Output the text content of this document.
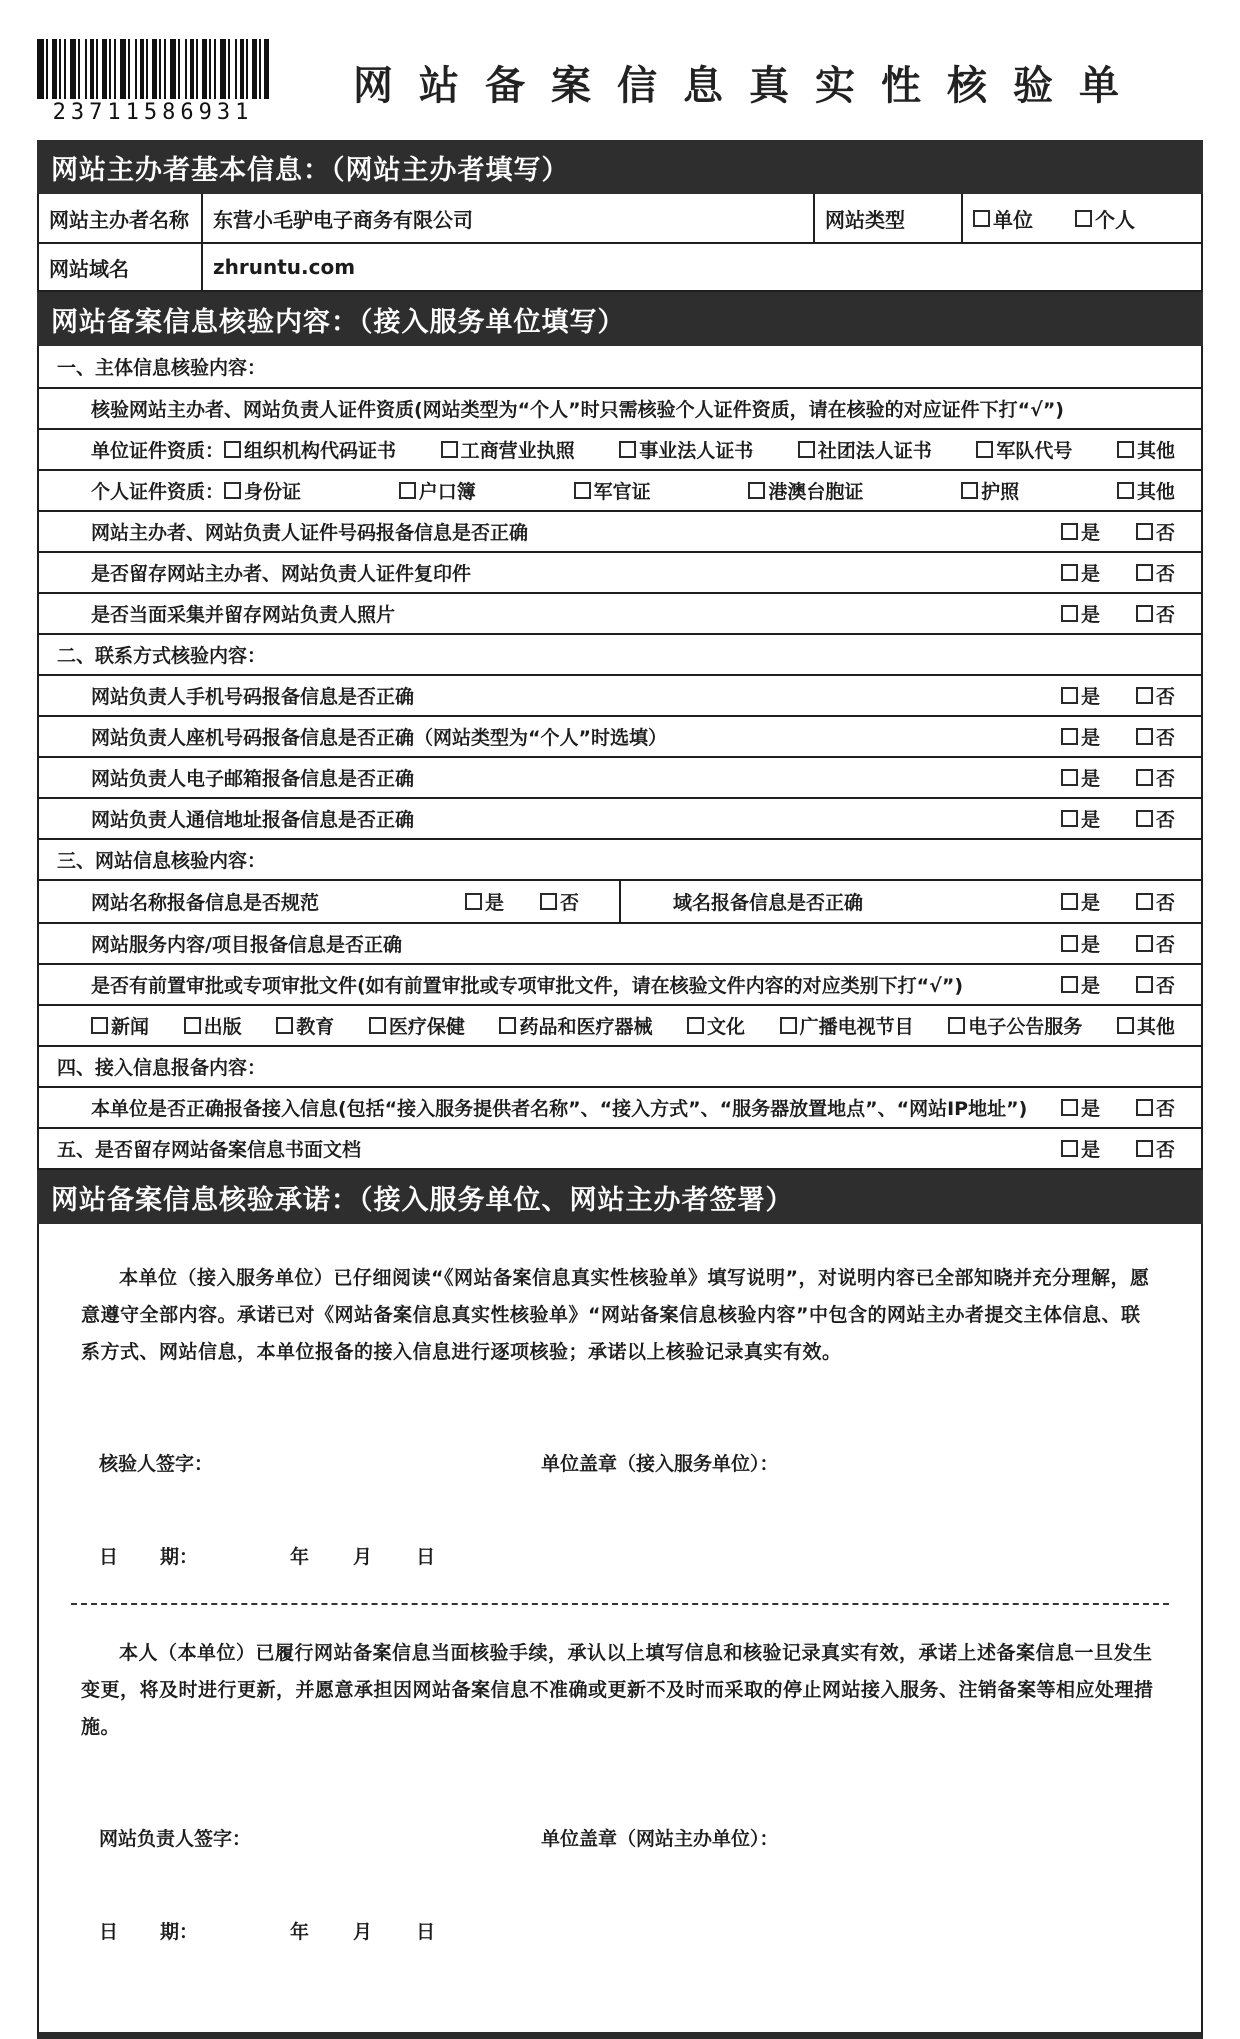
23711586931
网站备案信息真实性核验单
网站主办者基本信息：（网站主办者填写）
网站主办者名称	东营小毛驴电子商务有限公司	网站类型	单位	个人
网站域名	zhruntu.com
网站备案信息核验内容：（接入服务单位填写）
一、主体信息核验内容：
核验网站主办者、网站负责人证件资质(网站类型为“个人”时只需核验个人证件资质，请在核验的对应证件下打“√”)
单位证件资质： 组织机构代码证书	工商营业执照	事业法人证书	社团法人证书	军队代号	其他
个人证件资质： 身份证	户口簿	军官证	港澳台胞证	护照	其他
网站主办者、网站负责人证件号码报备信息是否正确	是	否
是否留存网站主办者、网站负责人证件复印件	是	否
是否当面采集并留存网站负责人照片	是	否
二、联系方式核验内容：
网站负责人手机号码报备信息是否正确	是	否
网站负责人座机号码报备信息是否正确（网站类型为“个人”时选填）	是	否
网站负责人电子邮箱报备信息是否正确	是	否
网站负责人通信地址报备信息是否正确	是	否
三、网站信息核验内容：
网站名称报备信息是否规范	是	否	域名报备信息是否正确	是	否
网站服务内容/项目报备信息是否正确	是	否
是否有前置审批或专项审批文件(如有前置审批或专项审批文件，请在核验文件内容的对应类别下打“√”)	是	否
新闻	出版	教育	医疗保健	药品和医疗器械	文化	广播电视节目	电子公告服务	其他
四、接入信息报备内容：
本单位是否正确报备接入信息(包括“接入服务提供者名称”、“接入方式”、“服务器放置地点”、“网站IP地址”)	是	否
五、是否留存网站备案信息书面文档	是	否
网站备案信息核验承诺：（接入服务单位、网站主办者签署）

本单位（接入服务单位）已仔细阅读“《网站备案信息真实性核验单》填写说明”，对说明内容已全部知晓并充分理解，愿意遵守全部内容。承诺已对《网站备案信息真实性核验单》“网站备案信息核验内容”中包含的网站主办者提交主体信息、联系方式、网站信息，本单位报备的接入信息进行逐项核验；承诺以上核验记录真实有效。

核验人签字：	单位盖章（接入服务单位）：
日 期：	年 月 日

本人（本单位）已履行网站备案信息当面核验手续，承认以上填写信息和核验记录真实有效，承诺上述备案信息一旦发生变更，将及时进行更新，并愿意承担因网站备案信息不准确或更新不及时而采取的停止网站接入服务、注销备案等相应处理措施。

网站负责人签字：	单位盖章（网站主办单位）：
日 期：	年 月 日
